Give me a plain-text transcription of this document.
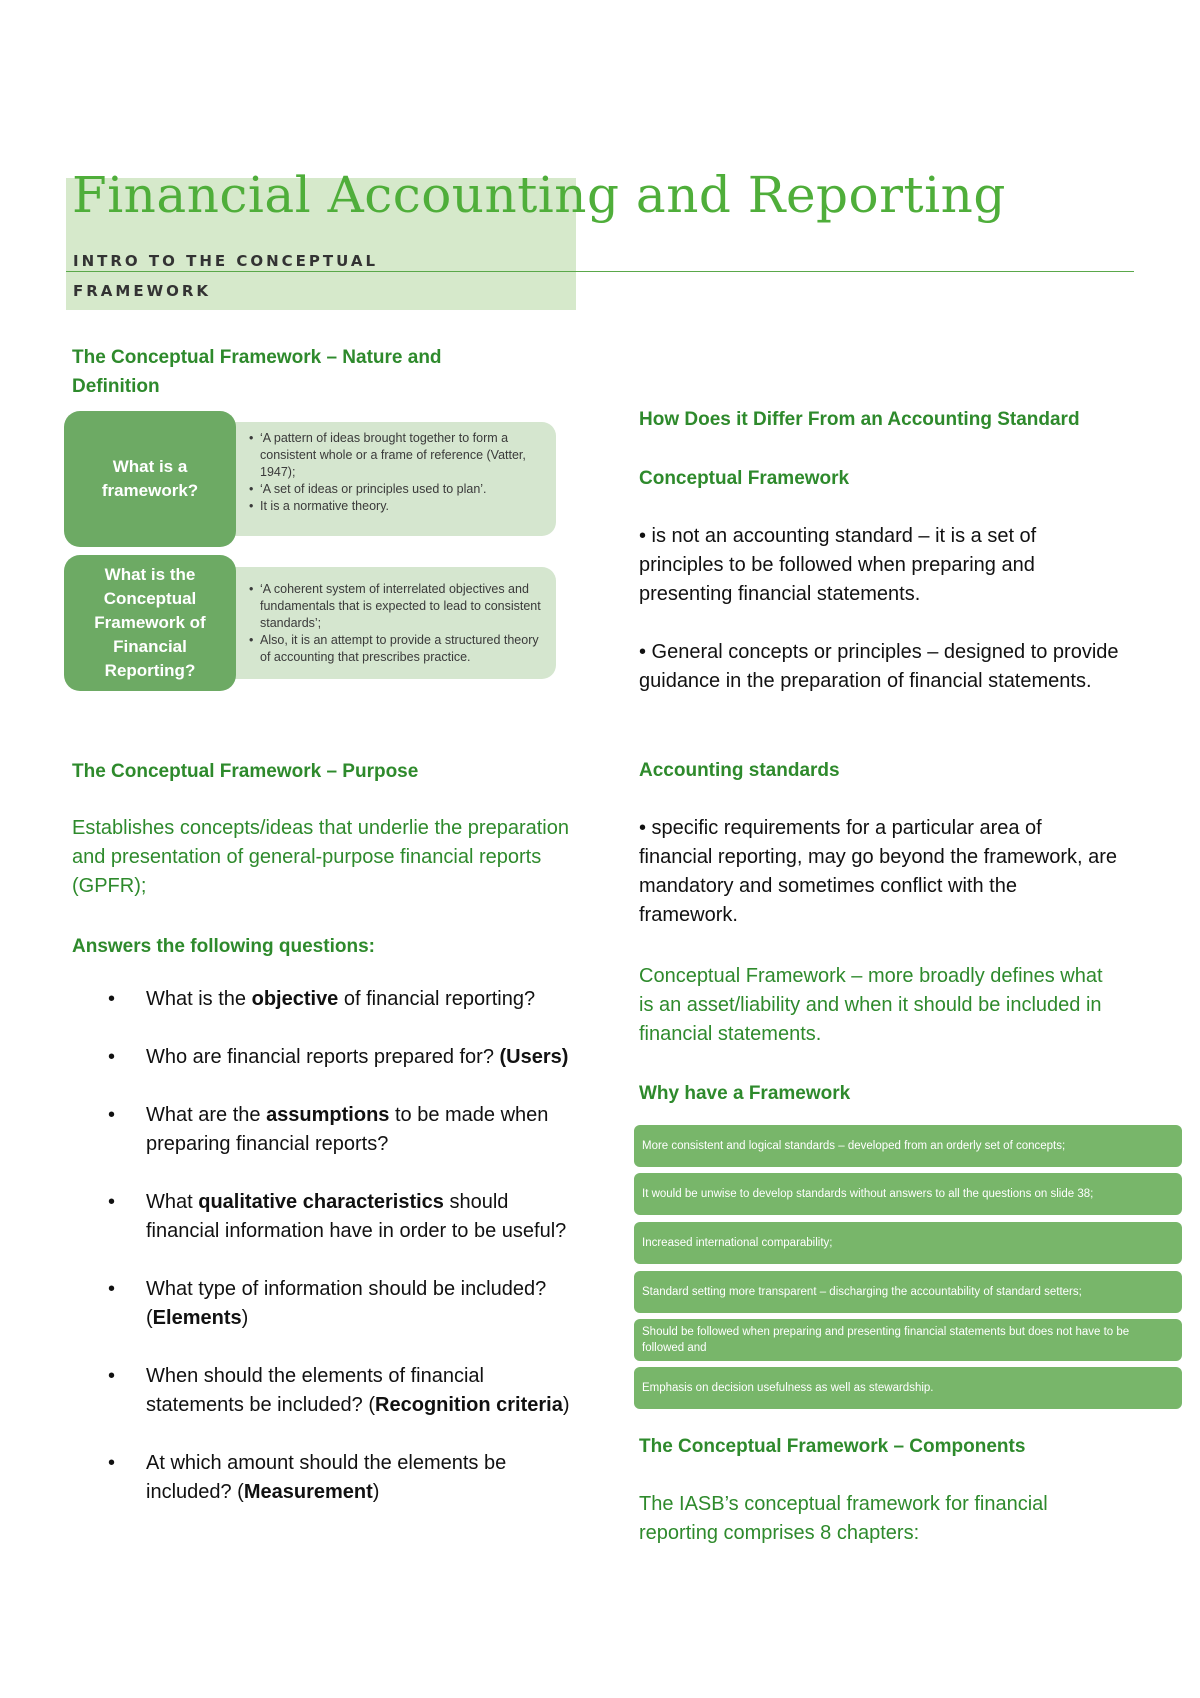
Financial Accounting and Reporting
INTRO TO THE CONCEPTUAL
FRAMEWORK
The Conceptual Framework – Nature and
Definition
• ‘A pattern of ideas brought together to form a consistent whole or a frame of reference (Vatter, 1947);
• ‘A set of ideas or principles used to plan’.
• It is a normative theory.
What is a framework?
• ‘A coherent system of interrelated objectives and fundamentals that is expected to lead to consistent standards’;
• Also, it is an attempt to provide a structured theory of accounting that prescribes practice.
What is the Conceptual Framework of Financial Reporting?
The Conceptual Framework – Purpose
Establishes concepts/ideas that underlie the preparation and presentation of general-purpose financial reports (GPFR);
Answers the following questions:
• What is the objective of financial reporting?
• Who are financial reports prepared for? (Users)
• What are the assumptions to be made when preparing financial reports?
• What qualitative characteristics should financial information have in order to be useful?
• What type of information should be included? (Elements)
• When should the elements of financial statements be included? (Recognition criteria)
• At which amount should the elements be included? (Measurement)
How Does it Differ From an Accounting Standard
Conceptual Framework
• is not an accounting standard – it is a set of principles to be followed when preparing and presenting financial statements.
• General concepts or principles – designed to provide guidance in the preparation of financial statements.
Accounting standards
• specific requirements for a particular area of financial reporting, may go beyond the framework, are mandatory and sometimes conflict with the framework.
Conceptual Framework – more broadly defines what is an asset/liability and when it should be included in financial statements.
Why have a Framework
More consistent and logical standards – developed from an orderly set of concepts;
It would be unwise to develop standards without answers to all the questions on slide 38;
Increased international comparability;
Standard setting more transparent – discharging the accountability of standard setters;
Should be followed when preparing and presenting financial statements but does not have to be followed and
Emphasis on decision usefulness as well as stewardship.
The Conceptual Framework – Components
The IASB’s conceptual framework for financial reporting comprises 8 chapters:
